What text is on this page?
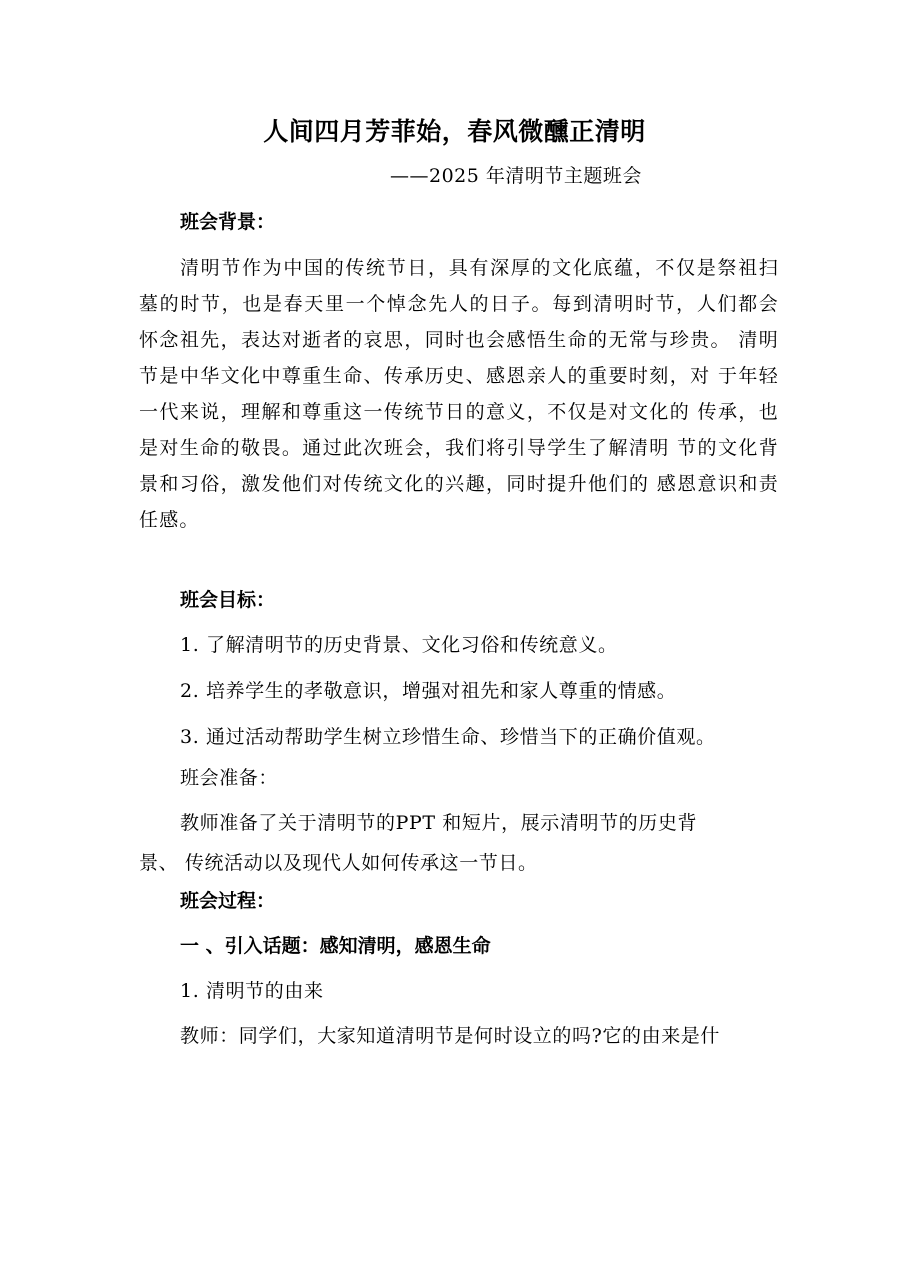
人间四月芳菲始，春风微醺正清明
——2025 年清明节主题班会
班会背景：
清明节作为中国的传统节日，具有深厚的文化底蕴，不仅是祭祖扫墓的时节，也是春天里一个悼念先人的日子。每到清明时节，人们都会怀念祖先，表达对逝者的哀思，同时也会感悟生命的无常与珍贵。 清明节是中华文化中尊重生命、传承历史、感恩亲人的重要时刻，对 于年轻一代来说，理解和尊重这一传统节日的意义，不仅是对文化的 传承，也是对生命的敬畏。通过此次班会，我们将引导学生了解清明 节的文化背景和习俗，激发他们对传统文化的兴趣，同时提升他们的 感恩意识和责任感。
班会目标：
1. 了解清明节的历史背景、文化习俗和传统意义。
2. 培养学生的孝敬意识，增强对祖先和家人尊重的情感。
3. 通过活动帮助学生树立珍惜生命、珍惜当下的正确价值观。
班会准备：
教师准备了关于清明节的PPT 和短片，展示清明节的历史背
景、 传统活动以及现代人如何传承这一节日。
班会过程：
一 、引入话题：感知清明，感恩生命
1. 清明节的由来
教师：同学们，大家知道清明节是何时设立的吗?它的由来是什
